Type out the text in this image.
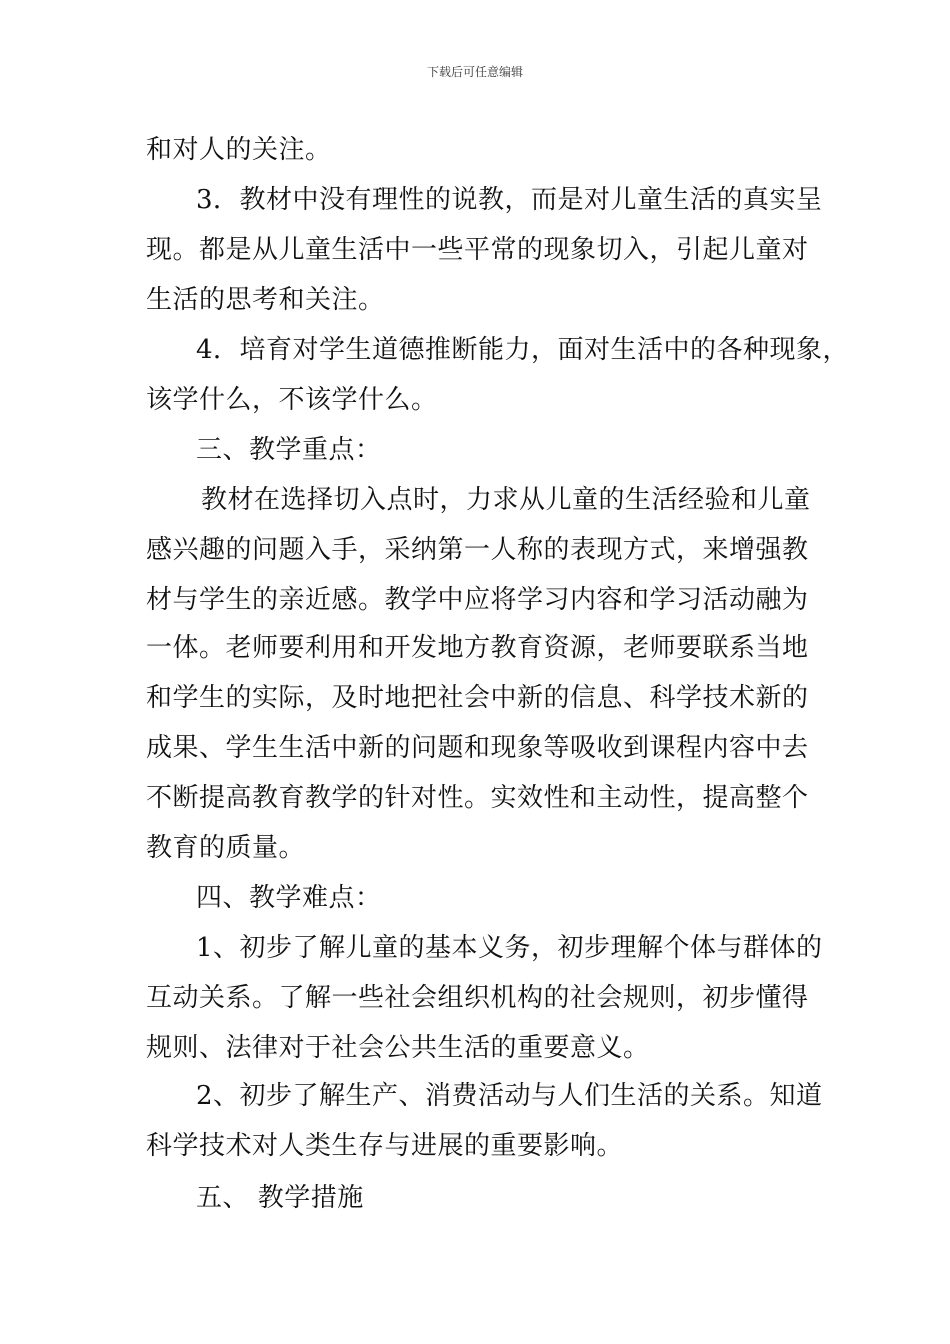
下载后可任意编辑
和对人的关注。
3．教材中没有理性的说教，而是对儿童生活的真实呈
现。都是从儿童生活中一些平常的现象切入，引起儿童对
生活的思考和关注。
4．培育对学生道德推断能力，面对生活中的各种现象，
该学什么，不该学什么。
三、教学重点：
教材在选择切入点时，力求从儿童的生活经验和儿童
感兴趣的问题入手，采纳第一人称的表现方式，来增强教
材与学生的亲近感。教学中应将学习内容和学习活动融为
一体。老师要利用和开发地方教育资源，老师要联系当地
和学生的实际，及时地把社会中新的信息、科学技术新的
成果、学生生活中新的问题和现象等吸收到课程内容中去
不断提高教育教学的针对性。实效性和主动性，提高整个
教育的质量。
四、教学难点：
1、初步了解儿童的基本义务，初步理解个体与群体的
互动关系。了解一些社会组织机构的社会规则，初步懂得
规则、法律对于社会公共生活的重要意义。
2、初步了解生产、消费活动与人们生活的关系。知道
科学技术对人类生存与进展的重要影响。
五、 教学措施
